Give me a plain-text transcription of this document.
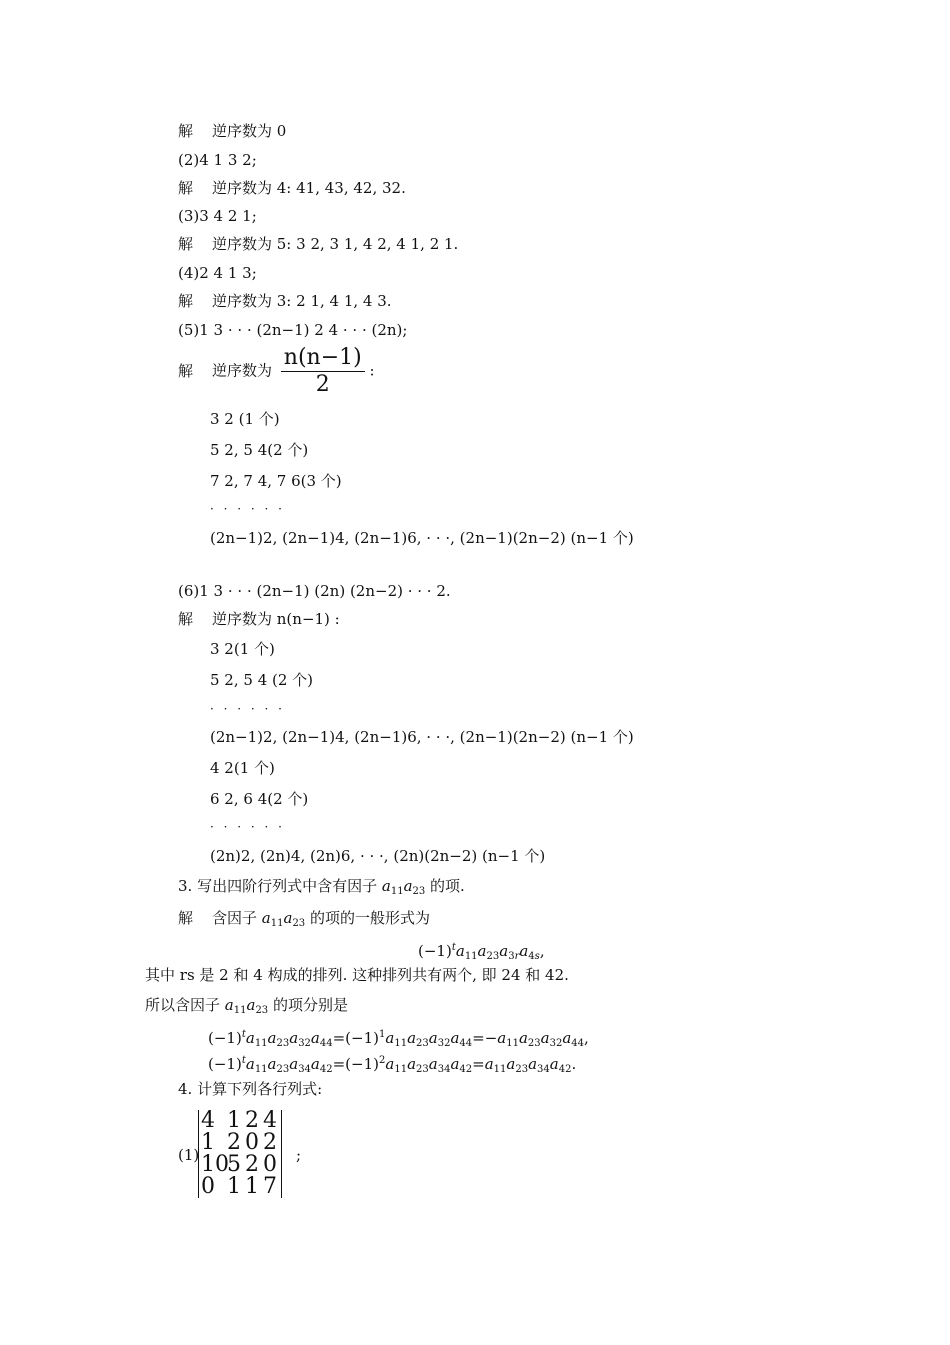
解 逆序数为 0
(2)4 1 3 2;
解 逆序数为 4: 41, 43, 42, 32.
(3)3 4 2 1;
解 逆序数为 5: 3 2, 3 1, 4 2, 4 1, 2 1.
(4)2 4 1 3;
解 逆序数为 3: 2 1, 4 1, 4 3.
(5)1 3 · · · (2n−1) 2 4 · · · (2n);
解 逆序数为 $\frac{n(n-1)}{2}$ :
3 2 (1 个)
5 2, 5 4(2 个)
7 2, 7 4, 7 6(3 个)
· · · · · ·
(2n−1)2, (2n−1)4, (2n−1)6, · · ·, (2n−1)(2n−2) (n−1 个)
(6)1 3 · · · (2n−1) (2n) (2n−2) · · · 2.
解 逆序数为 n(n−1) :
3 2(1 个)
5 2, 5 4 (2 个)
· · · · · ·
(2n−1)2, (2n−1)4, (2n−1)6, · · ·, (2n−1)(2n−2) (n−1 个)
4 2(1 个)
6 2, 6 4(2 个)
· · · · · ·
(2n)2, (2n)4, (2n)6, · · ·, (2n)(2n−2) (n−1 个)
3. 写出四阶行列式中含有因子 $a_{11}a_{23}$ 的项.
解 含因子 $a_{11}a_{23}$ 的项的一般形式为
$(-1)^ta_{11}a_{23}a_{3r}a_{4s}$,
其中 rs 是 2 和 4 构成的排列. 这种排列共有两个, 即 24 和 42.
所以含因子 $a_{11}a_{23}$ 的项分别是
$(-1)^ta_{11}a_{23}a_{32}a_{44}=(-1)^1a_{11}a_{23}a_{32}a_{44}=-a_{11}a_{23}a_{32}a_{44}$,
$(-1)^ta_{11}a_{23}a_{34}a_{42}=(-1)^2a_{11}a_{23}a_{34}a_{42}=a_{11}a_{23}a_{34}a_{42}$.
4. 计算下列各行列式:
(1)
4 1 2 4
1 2 0 2
10
5 2 0
0 1 1 7
;
